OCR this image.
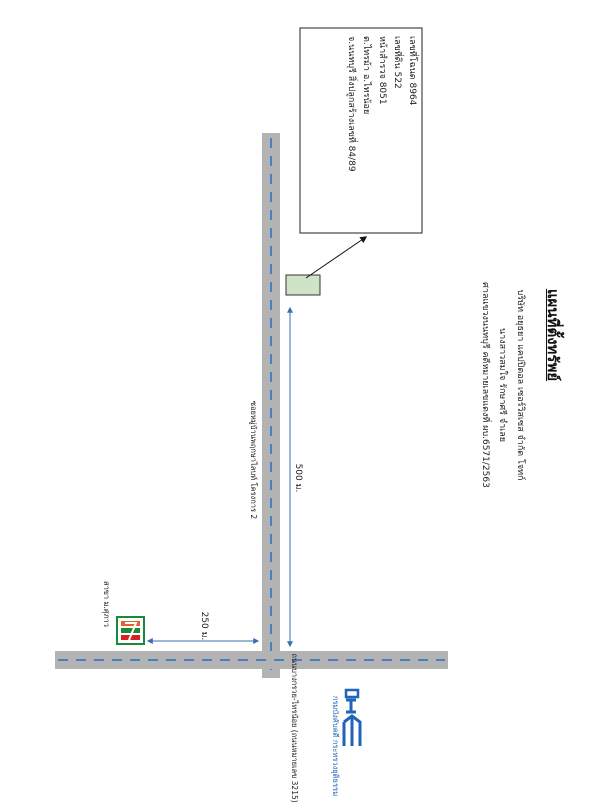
แผนที่ตั้งทรัพย์
บริษัท อยุธยา แคปปิตอล เซอร์วิสเซส จำกัด โจทก์
นางสาวสมใจ รักษาศรี จำเลย
ศาลแขวงนนทบุรี คดีหมายเลขแดงที่ ผบ.6571/2563
เลขที่โฉนด 8964
เลขที่ดิน 522
หน้าสำรวจ 8051
ต.ไทรม้า อ.ไทรน้อย
จ.นนทบุรี สิ่งปลูกสร้างเลขที่ 84/89
ซอยหมู่บ้านพฤกษาไลบท์ โครงการ 2	500 ม.
250 ม.
ถนนบางกรวย-ไทรน้อย (ถนนหมายเลข 3215)
สาขา ม.ศุภาว
กรมบังคับคดี กระทรวงยุติธรรม
